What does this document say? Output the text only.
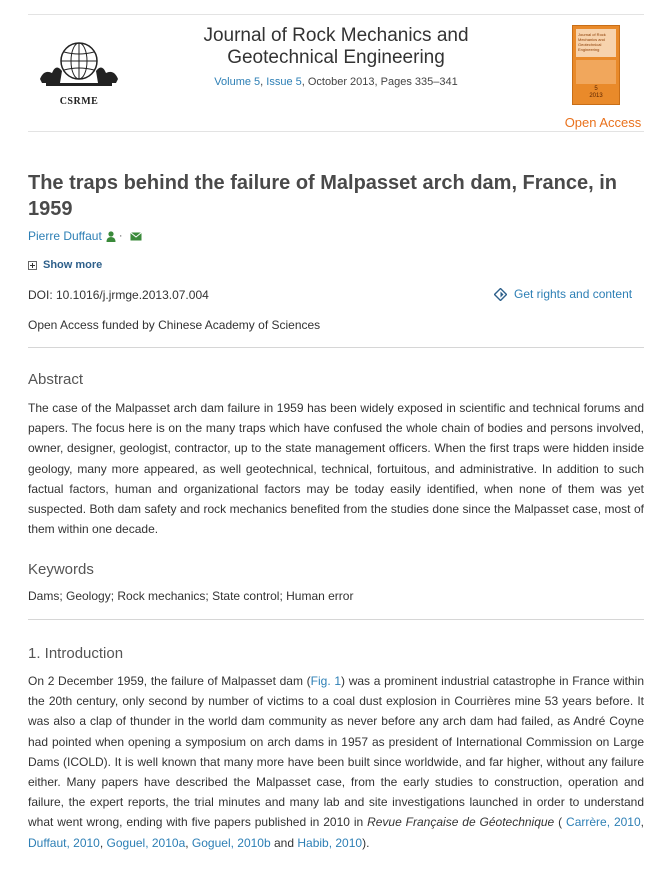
CSRME
Journal of Rock Mechanics and Geotechnical Engineering
Volume 5, Issue 5, October 2013, Pages 335–341
Journal of Rock Mechanics and Geotechnical Engineering
5
2013
Open Access
The traps behind the failure of Malpasset arch dam, France, in 1959
Pierre Duffaut ·
Show more
DOI: 10.1016/j.jrmge.2013.07.004	Get rights and content
Open Access funded by Chinese Academy of Sciences
Abstract

The case of the Malpasset arch dam failure in 1959 has been widely exposed in scientific and technical forums and papers. The focus here is on the many traps which have confused the whole chain of bodies and persons involved, owner, designer, geologist, contractor, up to the state management officers. When the first traps were hidden inside geology, many more appeared, as well geotechnical, technical, fortuitous, and administrative. In addition to such factual factors, human and organizational factors may be today easily identified, when none of them was yet suspected. Both dam safety and rock mechanics benefited from the studies done since the Malpasset case, most of them within one decade.

Keywords
Dams; Geology; Rock mechanics; State control; Human error
1. Introduction

On 2 December 1959, the failure of Malpasset dam (Fig. 1) was a prominent industrial catastrophe in France within the 20th century, only second by number of victims to a coal dust explosion in Courrières mine 53 years before. It was also a clap of thunder in the world dam community as never before any arch dam had failed, as André Coyne had pointed when opening a symposium on arch dams in 1957 as president of International Commission on Large Dams (ICOLD). It is well known that many more have been built since worldwide, and far higher, without any failure either. Many papers have described the Malpasset case, from the early studies to construction, operation and failure, the expert reports, the trial minutes and many lab and site investigations launched in order to understand what went wrong, ending with five papers published in 2010 in Revue Française de Géotechnique ( Carrère, 2010, Duffaut, 2010, Goguel, 2010a, Goguel, 2010b and Habib, 2010).
